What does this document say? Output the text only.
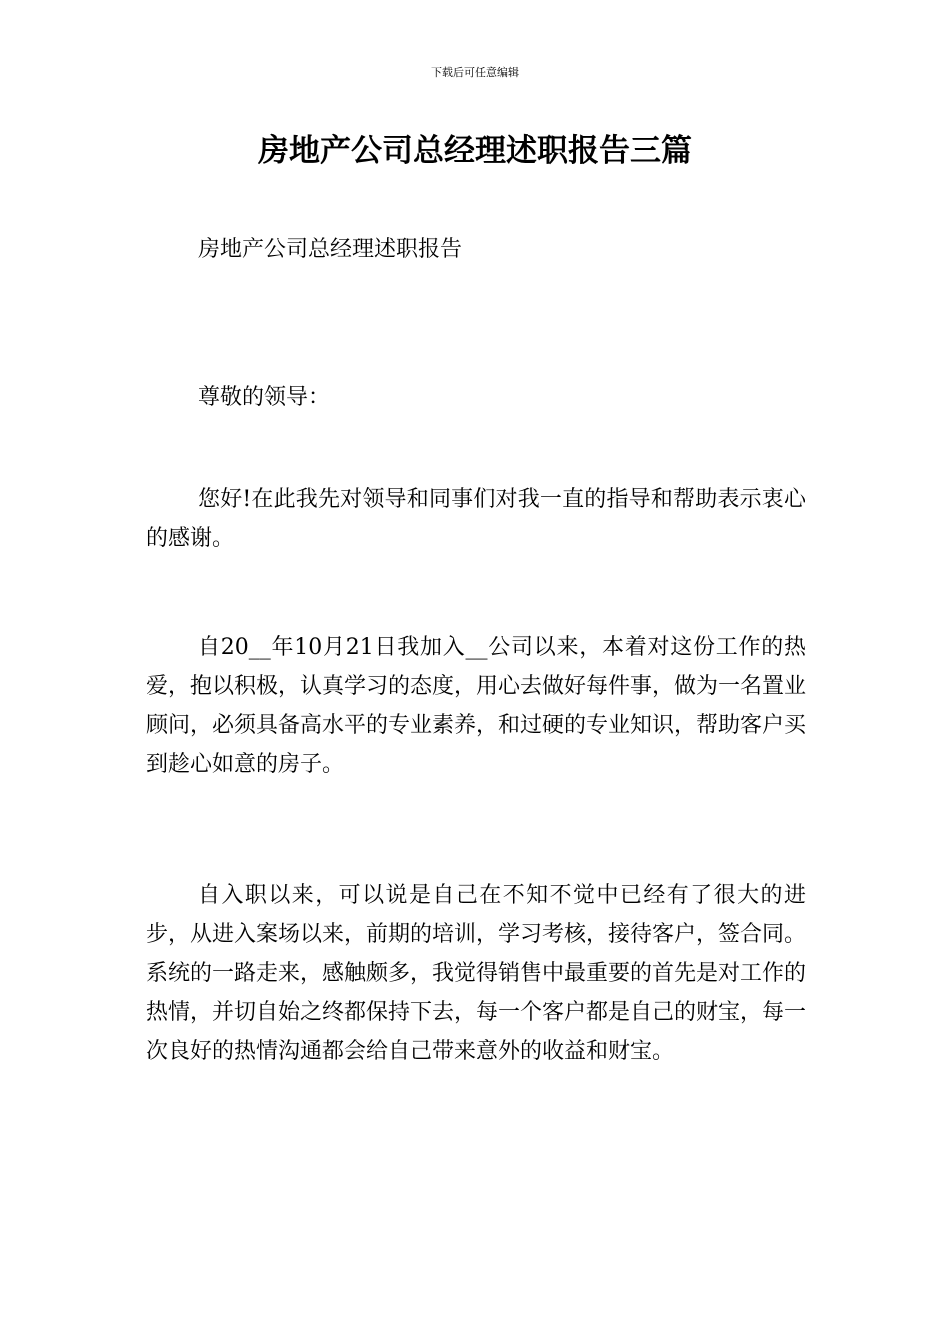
下载后可任意编辑
房地产公司总经理述职报告三篇
房地产公司总经理述职报告
尊敬的领导：

您好!在此我先对领导和同事们对我一直的指导和帮助表示衷心的感谢。

自20__年10月21日我加入__公司以来，本着对这份工作的热爱，抱以积极，认真学习的态度，用心去做好每件事，做为一名置业顾问，必须具备高水平的专业素养，和过硬的专业知识，帮助客户买到趁心如意的房子。

自入职以来，可以说是自己在不知不觉中已经有了很大的进步，从进入案场以来，前期的培训，学习考核，接待客户，签合同。系统的一路走来，感触颇多，我觉得销售中最重要的首先是对工作的热情，并切自始之终都保持下去，每一个客户都是自己的财宝，每一次良好的热情沟通都会给自己带来意外的收益和财宝。
